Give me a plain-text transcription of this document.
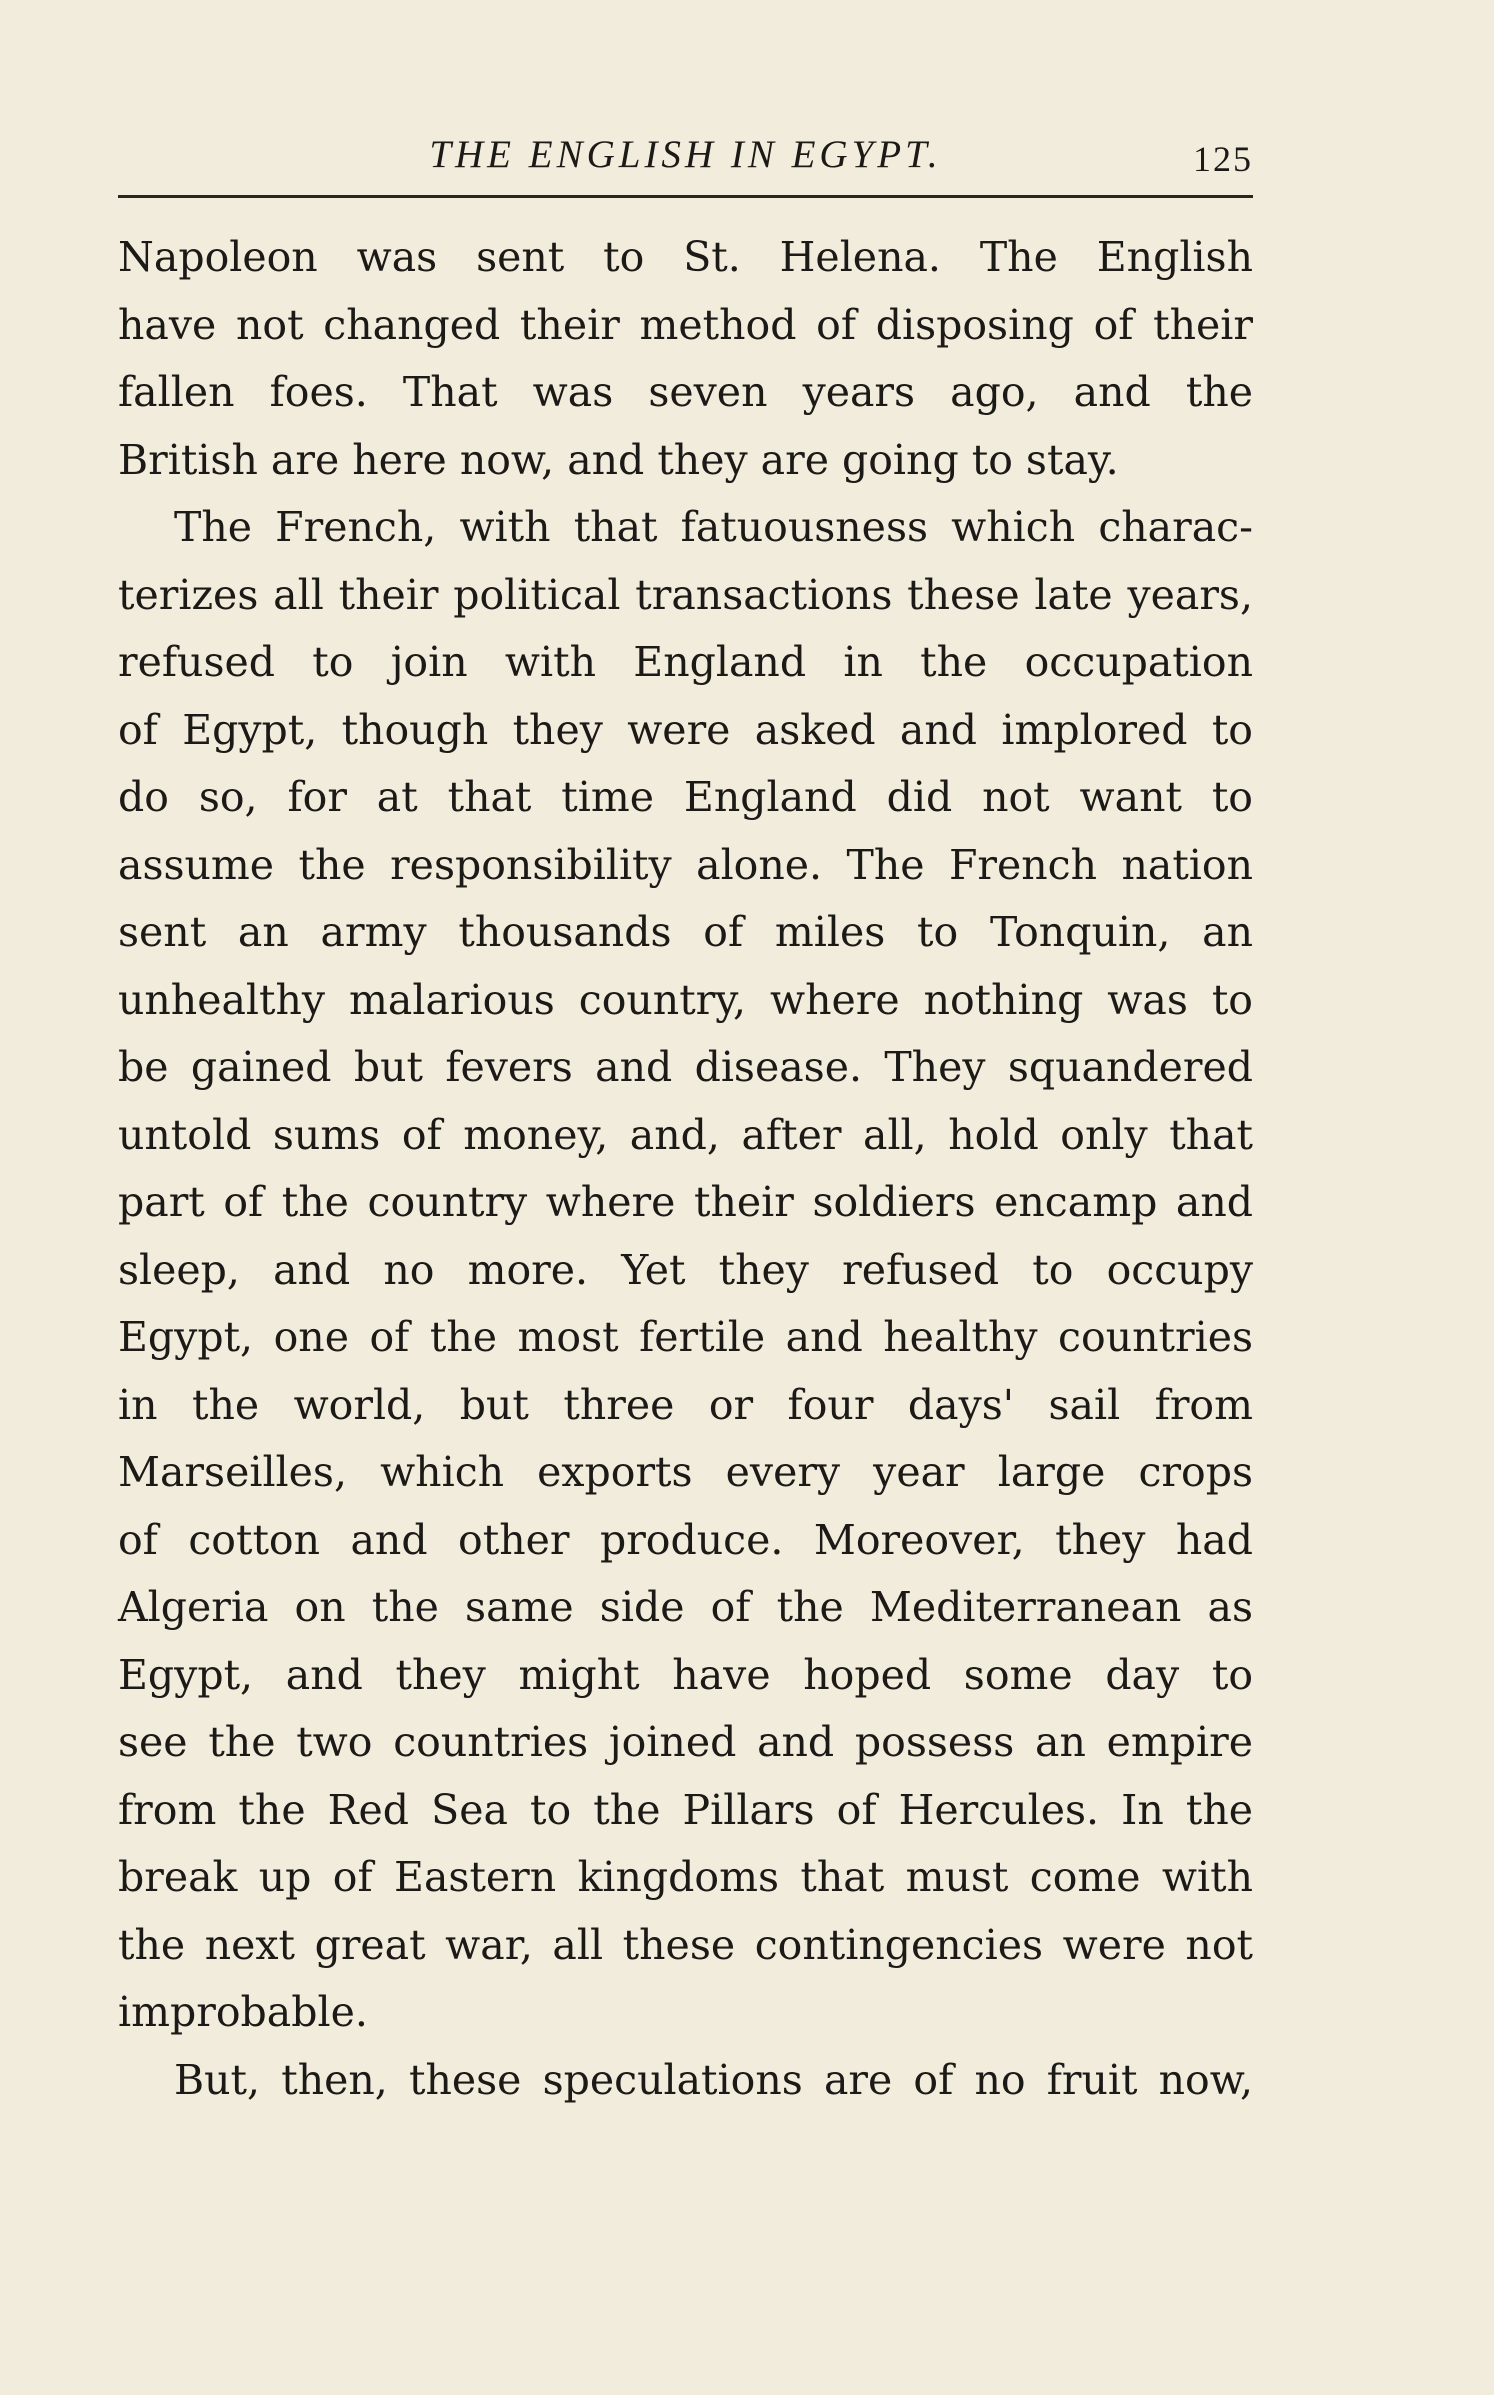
THE ENGLISH IN EGYPT.	125
Napoleon was sent to St. Helena. The English
have not changed their method of disposing of their
fallen foes. That was seven years ago, and the
British are here now, and they are going to stay.
The French, with that fatuousness which charac-
terizes all their political transactions these late years,
refused to join with England in the occupation
of Egypt, though they were asked and implored to
do so, for at that time England did not want to
assume the responsibility alone. The French nation
sent an army thousands of miles to Tonquin, an
unhealthy malarious country, where nothing was to
be gained but fevers and disease. They squandered
untold sums of money, and, after all, hold only that
part of the country where their soldiers encamp and
sleep, and no more. Yet they refused to occupy
Egypt, one of the most fertile and healthy countries
in the world, but three or four days' sail from
Marseilles, which exports every year large crops
of cotton and other produce. Moreover, they had
Algeria on the same side of the Mediterranean as
Egypt, and they might have hoped some day to
see the two countries joined and possess an empire
from the Red Sea to the Pillars of Hercules. In the
break up of Eastern kingdoms that must come with
the next great war, all these contingencies were not
improbable.
But, then, these speculations are of no fruit now,
